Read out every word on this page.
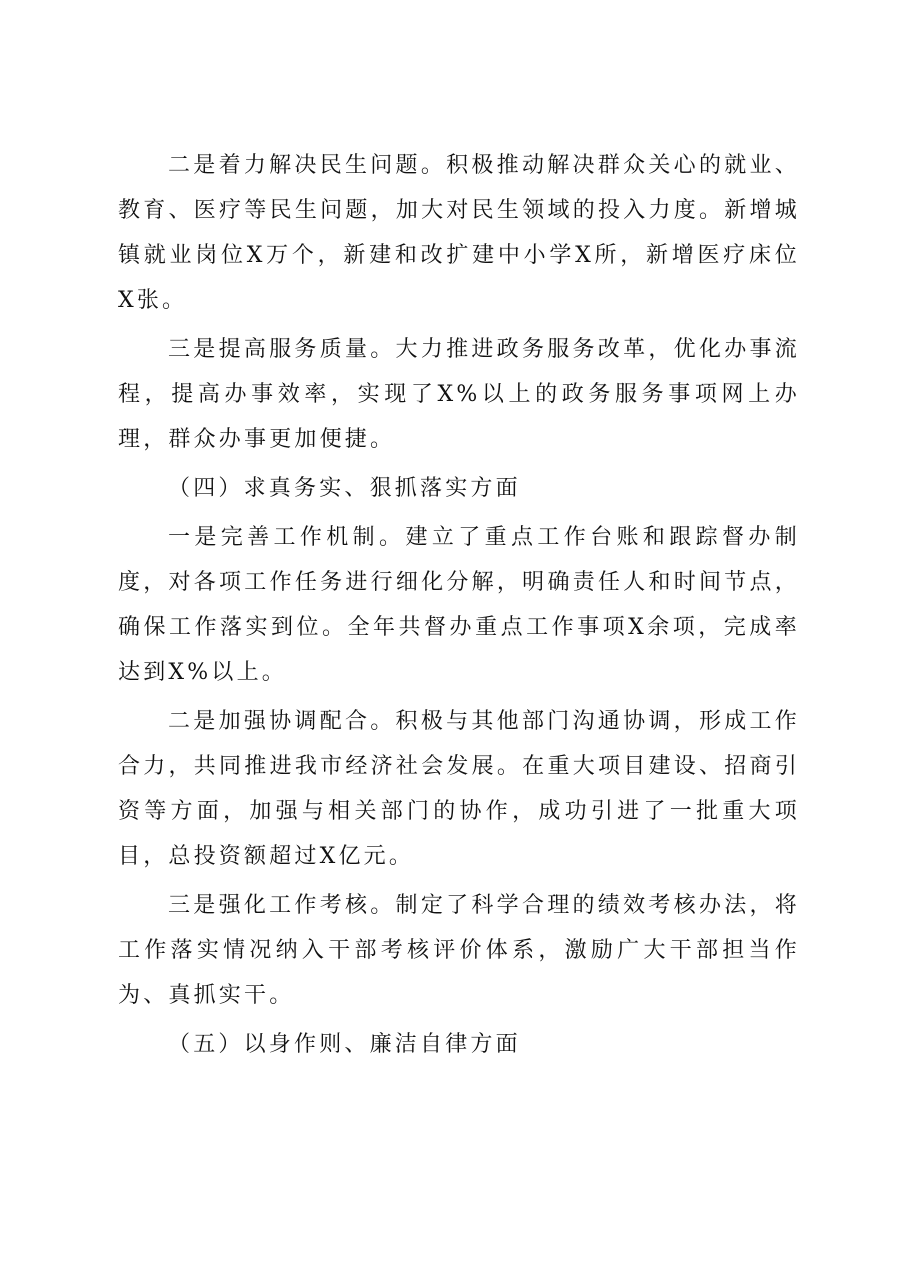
二是着力解决民生问题。积极推动解决群众关心的就业、教育、医疗等民生问题，加大对民生领域的投入力度。新增城镇就业岗位X万个，新建和改扩建中小学X所，新增医疗床位X张。

三是提高服务质量。大力推进政务服务改革，优化办事流程，提高办事效率，实现了X%以上的政务服务事项网上办理，群众办事更加便捷。

（四）求真务实、狠抓落实方面

一是完善工作机制。建立了重点工作台账和跟踪督办制度，对各项工作任务进行细化分解，明确责任人和时间节点，确保工作落实到位。全年共督办重点工作事项X余项，完成率达到X%以上。

二是加强协调配合。积极与其他部门沟通协调，形成工作合力，共同推进我市经济社会发展。在重大项目建设、招商引资等方面，加强与相关部门的协作，成功引进了一批重大项目，总投资额超过X亿元。

三是强化工作考核。制定了科学合理的绩效考核办法，将工作落实情况纳入干部考核评价体系，激励广大干部担当作为、真抓实干。

（五）以身作则、廉洁自律方面
